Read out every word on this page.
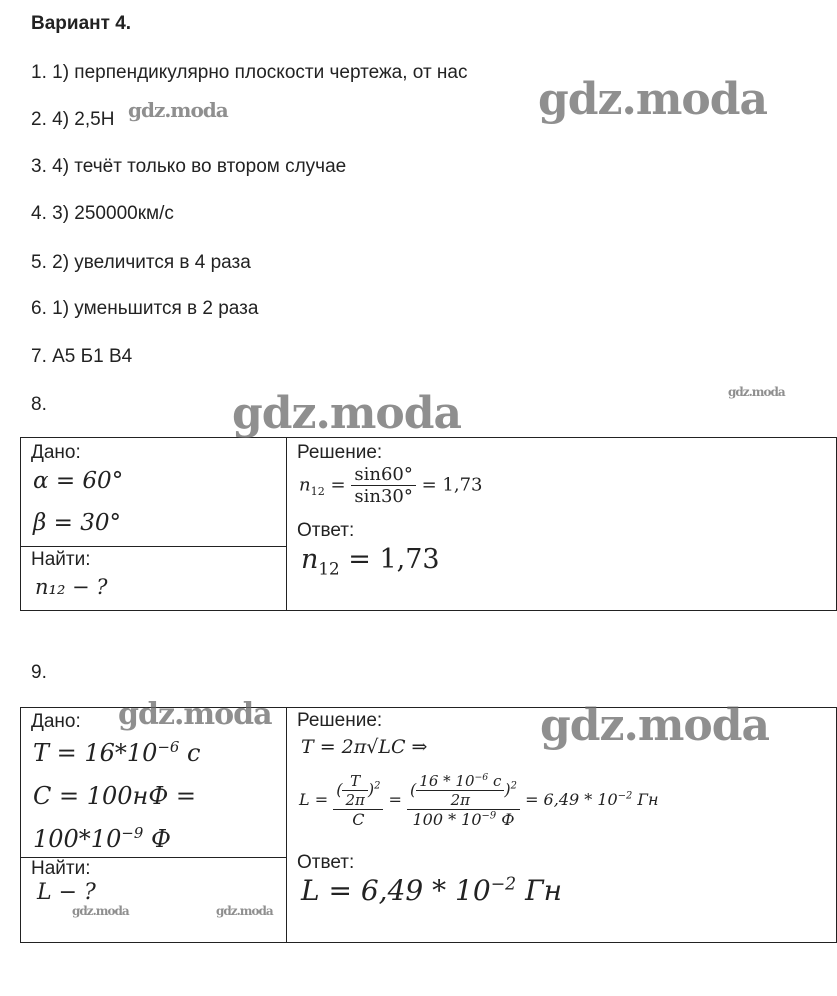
Вариант 4.
1. 1) перпендикулярно плоскости чертежа, от нас
2. 4) 2,5Н
3. 4) течёт только во втором случае
4. 3) 250000км/с
5. 2) увеличится в 4 раза
6. 1) уменьшится в 2 раза
7. А5 Б1 В4
8.
Дано:
α = 60°
β = 30°

Решение:
$n_{12} = \frac{\sin 60^\circ}{\sin 30^\circ} = 1,73$
Ответ:
$n_{12} = 1,73$

Найти:
n₁₂ − ?
9.
Дано:
$T = 16*10^{-6}$ с
C = 100нФ =
$100*10^{-9}$ Ф

Решение:
T = 2π√LC ⇒
$L = \frac{( \frac{T}{2\pi} )^2}{C} = \frac{( \frac{16 * 10^{-6} с}{2\pi} )^2}{100 * 10^{-9} Ф} = 6,49 * 10^{-2}$ Гн
Ответ:
$L = 6,49 * 10^{-2}$ Гн

Найти:
L − ?
gdz.moda
gdz.moda
gdz.moda	gdz.moda
gdz.moda	gdz.moda
gdz.moda	gdz.moda
